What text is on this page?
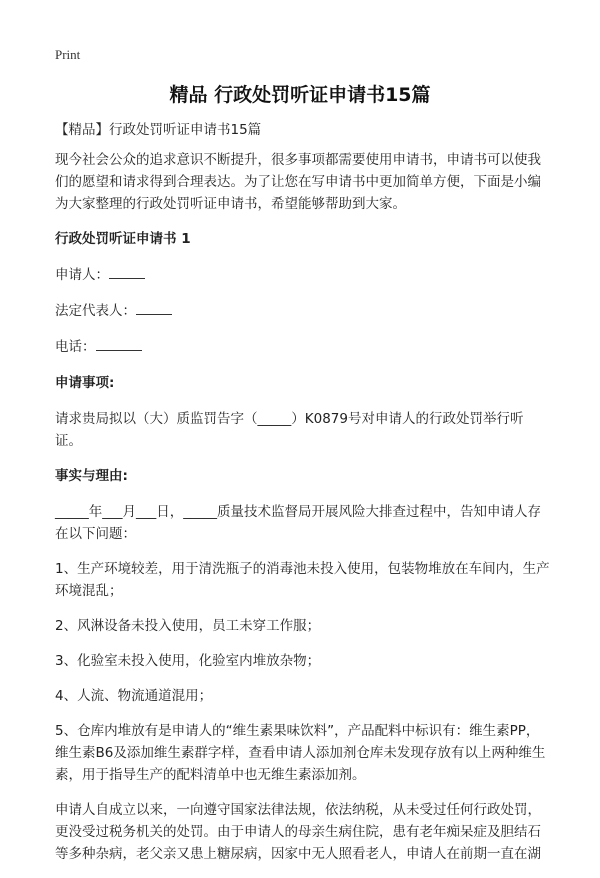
Print
精品 行政处罚听证申请书15篇

【精品】行政处罚听证申请书15篇

现今社会公众的追求意识不断提升，很多事项都需要使用申请书，申请书可以使我们的愿望和请求得到合理表达。为了让您在写申请书中更加简单方便，下面是小编为大家整理的行政处罚听证申请书，希望能够帮助到大家。

行政处罚听证申请书 1

申请人：

法定代表人：

电话：

申请事项:

请求贵局拟以（大）质监罚告字（_____）K0879号对申请人的行政处罚举行听证。

事实与理由:

_____年___月___日，_____质量技术监督局开展风险大排查过程中，告知申请人存在以下问题：

1、生产环境较差，用于清洗瓶子的消毒池未投入使用，包装物堆放在车间内，生产环境混乱；

2、风淋设备未投入使用，员工未穿工作服；

3、化验室未投入使用，化验室内堆放杂物；

4、人流、物流通道混用；

5、仓库内堆放有是申请人的“维生素果味饮料”，产品配料中标识有：维生素PP，维生素B6及添加维生素群字样，查看申请人添加剂仓库未发现存放有以上两种维生素，用于指导生产的配料清单中也无维生素添加剂。

申请人自成立以来，一向遵守国家法律法规，依法纳税，从未受过任何行政处罚，更没受过税务机关的处罚。由于申请人的母亲生病住院，患有老年痴呆症及胆结石等多种杂病，老父亲又患上糖尿病，因家中无人照看老人，申请人在前期一直在湖
